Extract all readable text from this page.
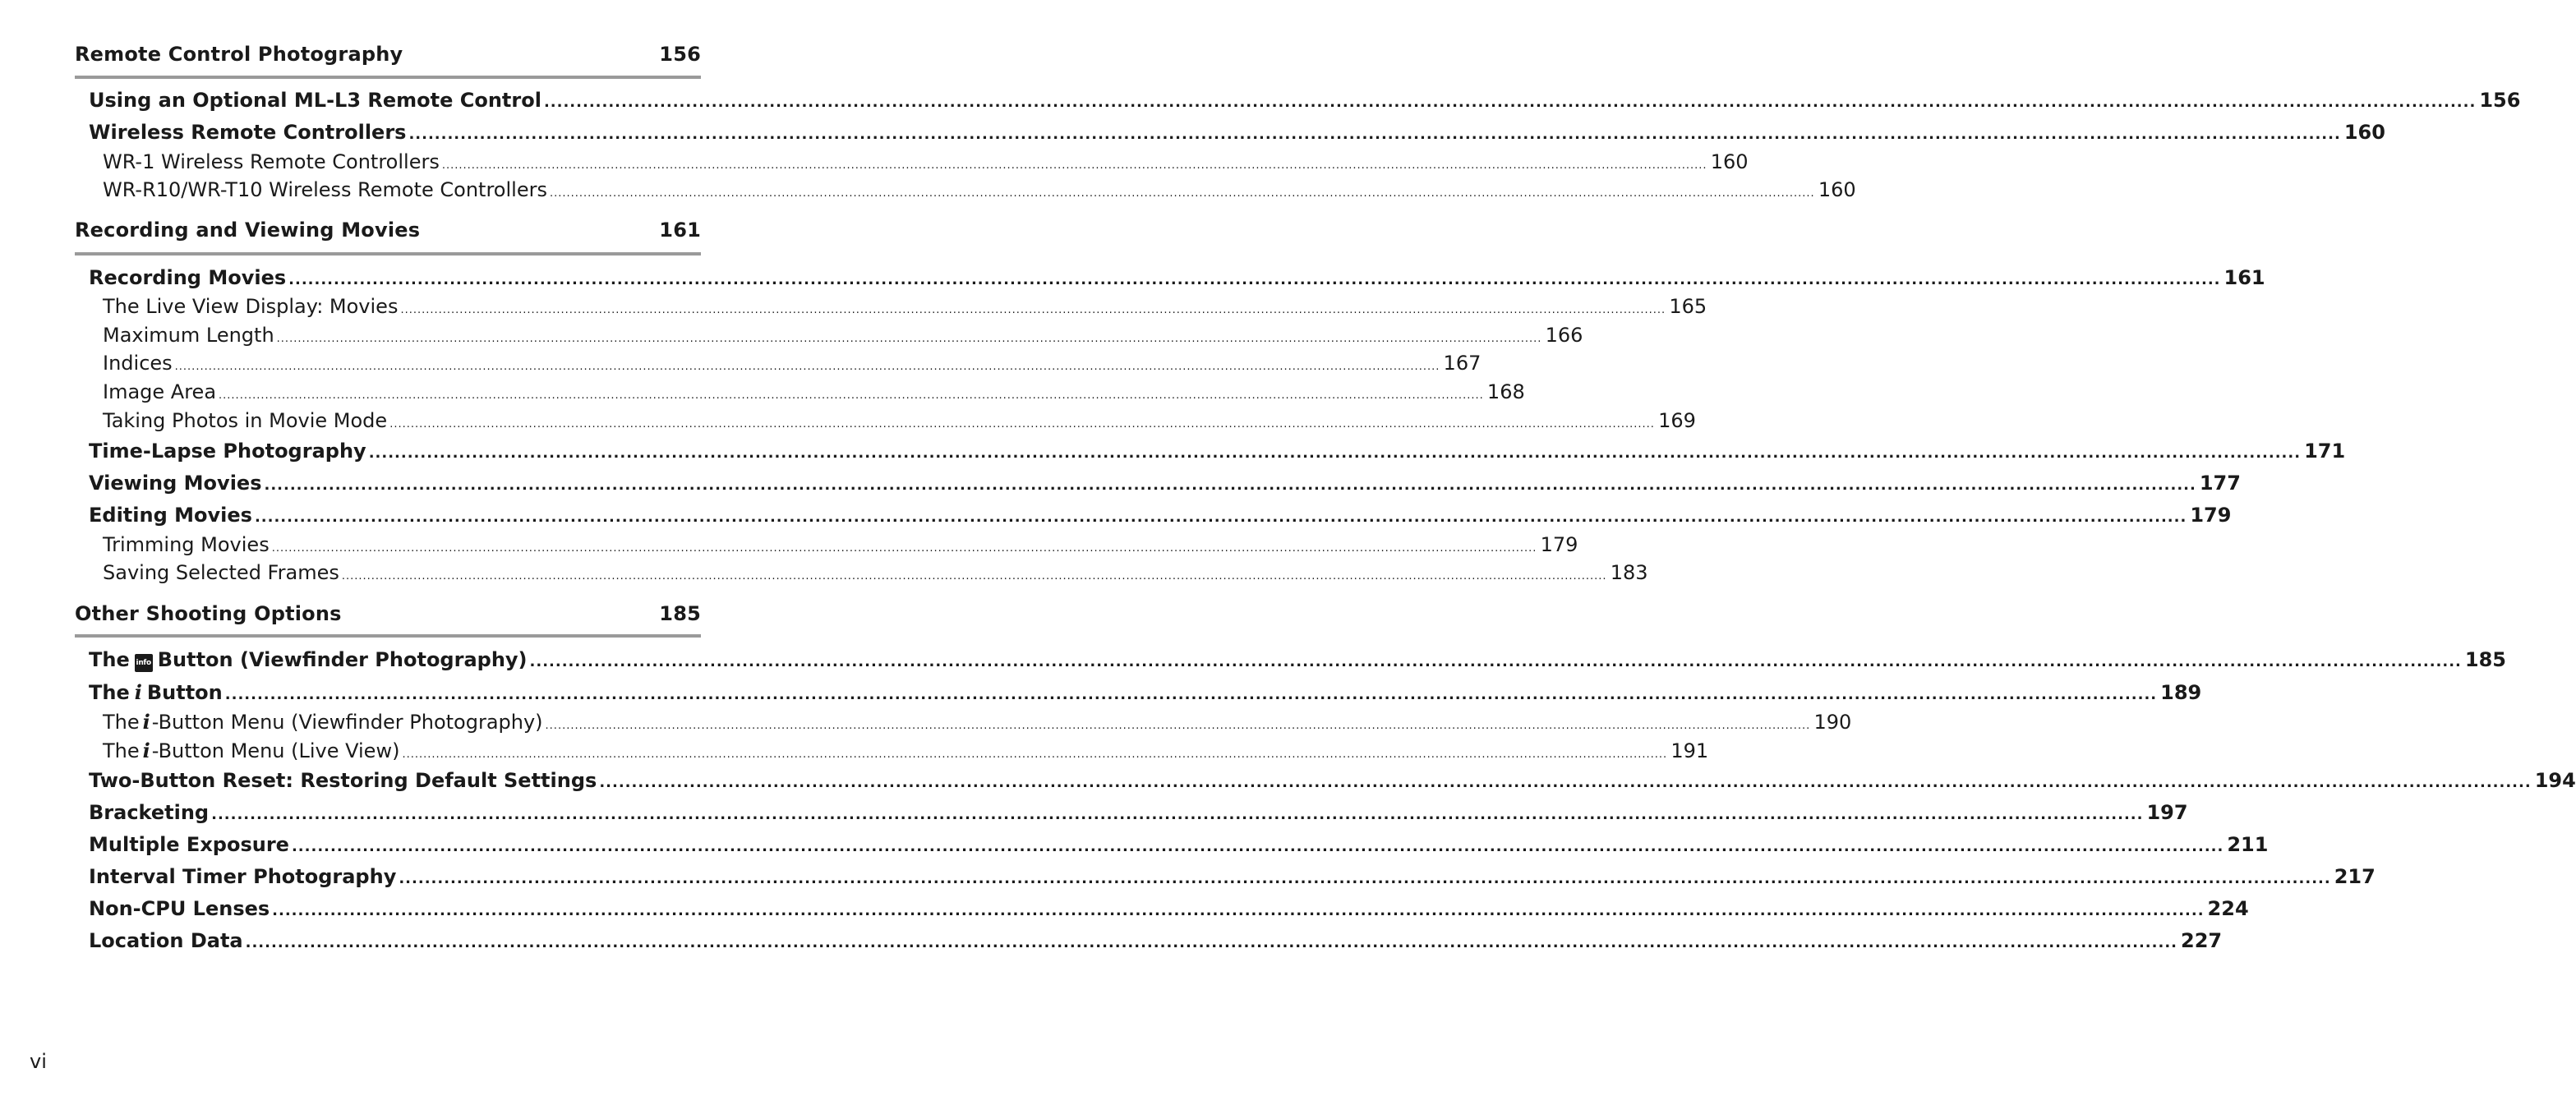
Remote Control Photography	156
Using an Optional ML-L3 Remote Control ............................................................................................................................................................................................................................................................................................................ 156
Wireless Remote Controllers ............................................................................................................................................................................................................................................................................................................ 160
WR-1 Wireless Remote Controllers ............................................................................................................................................................................................................................................................................................................ 160
WR-R10/WR-T10 Wireless Remote Controllers ............................................................................................................................................................................................................................................................................................................ 160
Recording and Viewing Movies	161
Recording Movies ............................................................................................................................................................................................................................................................................................................ 161
The Live View Display: Movies ............................................................................................................................................................................................................................................................................................................ 165
Maximum Length ............................................................................................................................................................................................................................................................................................................ 166
Indices ............................................................................................................................................................................................................................................................................................................ 167
Image Area ............................................................................................................................................................................................................................................................................................................ 168
Taking Photos in Movie Mode ............................................................................................................................................................................................................................................................................................................ 169
Time-Lapse Photography ............................................................................................................................................................................................................................................................................................................ 171
Viewing Movies ............................................................................................................................................................................................................................................................................................................ 177
Editing Movies ............................................................................................................................................................................................................................................................................................................ 179
Trimming Movies ............................................................................................................................................................................................................................................................................................................ 179
Saving Selected Frames ............................................................................................................................................................................................................................................................................................................ 183
Other Shooting Options	185
The info Button (Viewfinder Photography) ............................................................................................................................................................................................................................................................................................................ 185
The i Button ............................................................................................................................................................................................................................................................................................................ 189
The i -Button Menu (Viewfinder Photography) ............................................................................................................................................................................................................................................................................................................ 190
The i -Button Menu (Live View) ............................................................................................................................................................................................................................................................................................................ 191
Two-Button Reset: Restoring Default Settings ............................................................................................................................................................................................................................................................................................................ 194
Bracketing ............................................................................................................................................................................................................................................................................................................ 197
Multiple Exposure ............................................................................................................................................................................................................................................................................................................ 211
Interval Timer Photography ............................................................................................................................................................................................................................................................................................................ 217
Non-CPU Lenses ............................................................................................................................................................................................................................................................................................................ 224
Location Data ............................................................................................................................................................................................................................................................................................................ 227
vi
